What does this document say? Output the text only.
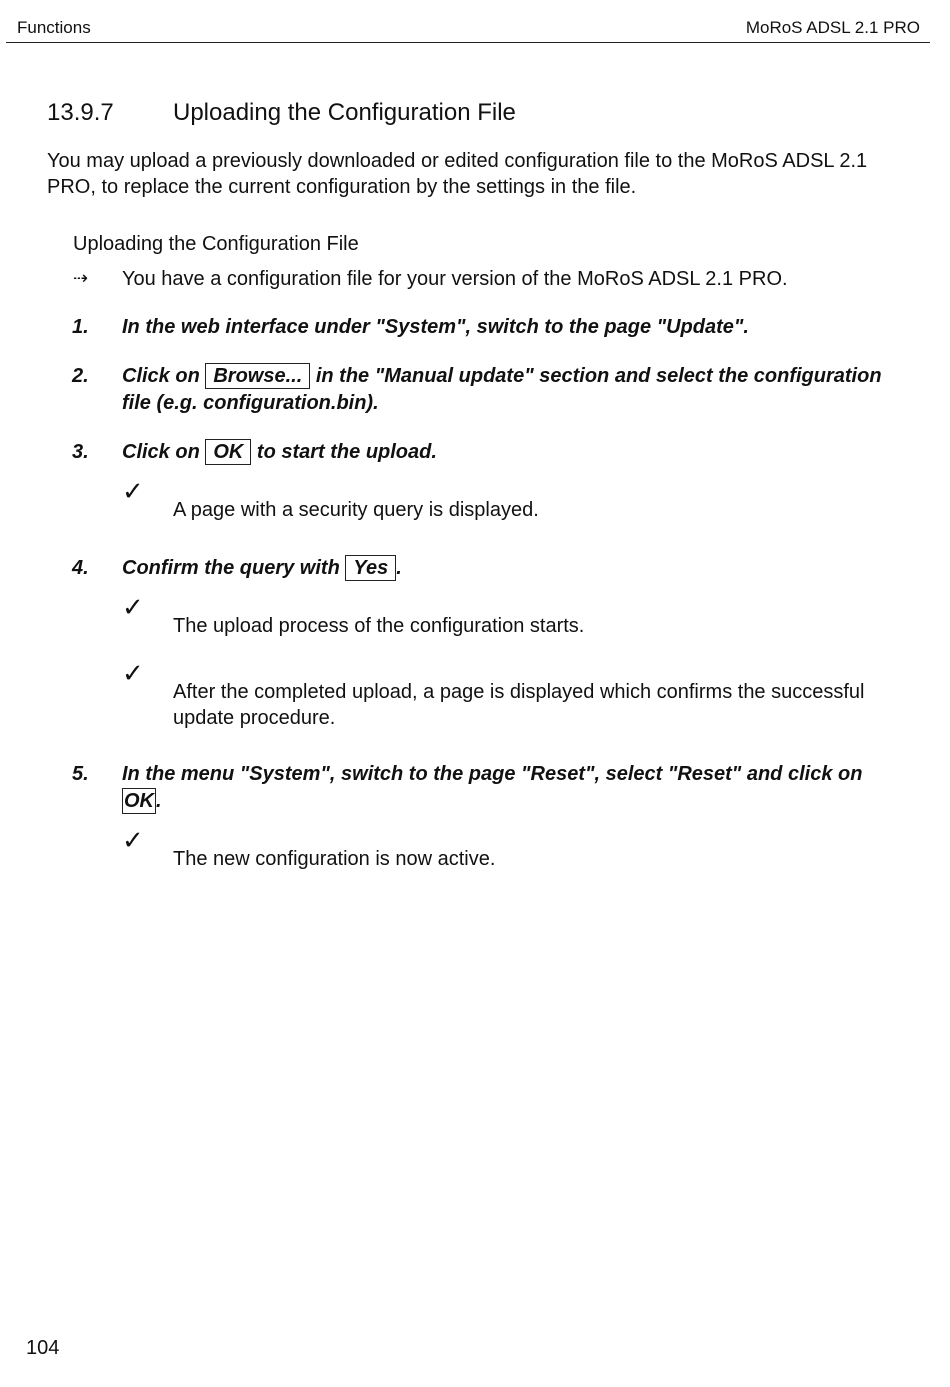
Functions	MoRoS ADSL 2.1 PRO
13.9.7 Uploading the Configuration File
You may upload a previously downloaded or edited configuration file to the MoRoS ADSL 2.1 PRO, to replace the current configuration by the settings in the file.
Uploading the Configuration File
⇢ You have a configuration file for your version of the MoRoS ADSL 2.1 PRO.
1. In the web interface under "System", switch to the page "Update".
2. Click on Browse... in the "Manual update" section and select the configuration file (e.g. configuration.bin).
3. Click on OK to start the upload.
✓
A page with a security query is displayed.
4. Confirm the query with Yes .
✓
The upload process of the configuration starts.
✓
After the completed upload, a page is displayed which confirms the successful update procedure.
5. In the menu "System", switch to the page "Reset", select "Reset" and click on OK .
✓
The new configuration is now active.
104
